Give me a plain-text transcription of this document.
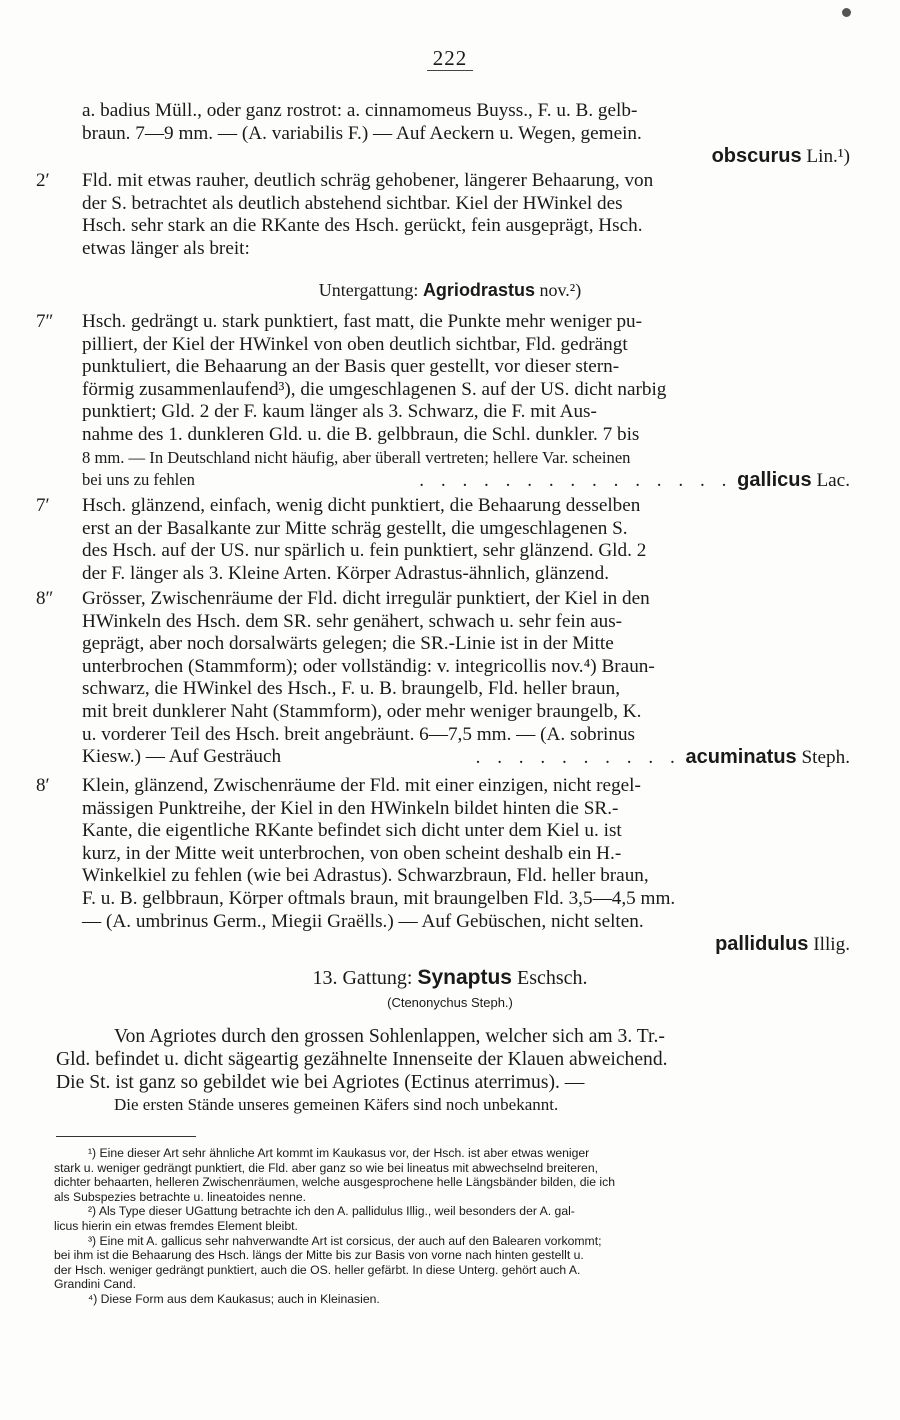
222
a. badius Müll., oder ganz rostrot: a. cinnamomeus Buyss., F. u. B. gelb-
braun. 7—9 mm. — (A. variabilis F.) — Auf Aeckern u. Wegen, gemein.
obscurus Lin.¹)
2′	Fld. mit etwas rauher, deutlich schräg gehobener, längerer Behaarung, von
der S. betrachtet als deutlich abstehend sichtbar. Kiel der HWinkel des
Hsch. sehr stark an die RKante des Hsch. gerückt, fein ausgeprägt, Hsch.
etwas länger als breit:
Untergattung: Agriodrastus nov.²)
7″	Hsch. gedrängt u. stark punktiert, fast matt, die Punkte mehr weniger pu-
pilliert, der Kiel der HWinkel von oben deutlich sichtbar, Fld. gedrängt
punktuliert, die Behaarung an der Basis quer gestellt, vor dieser stern-
förmig zusammenlaufend³), die umgeschlagenen S. auf der US. dicht narbig
punktiert; Gld. 2 der F. kaum länger als 3. Schwarz, die F. mit Aus-
nahme des 1. dunkleren Gld. u. die B. gelbbraun, die Schl. dunkler. 7 bis
8 mm. — In Deutschland nicht häufig, aber überall vertreten; hellere Var. scheinen
bei uns zu fehlen	. . . . . . . . . . . . . . . gallicus Lac.
7′	Hsch. glänzend, einfach, wenig dicht punktiert, die Behaarung desselben
erst an der Basalkante zur Mitte schräg gestellt, die umgeschlagenen S.
des Hsch. auf der US. nur spärlich u. fein punktiert, sehr glänzend. Gld. 2
der F. länger als 3. Kleine Arten. Körper Adrastus-ähnlich, glänzend.
8″	Grösser, Zwischenräume der Fld. dicht irregulär punktiert, der Kiel in den
HWinkeln des Hsch. dem SR. sehr genähert, schwach u. sehr fein aus-
geprägt, aber noch dorsalwärts gelegen; die SR.-Linie ist in der Mitte
unterbrochen (Stammform); oder vollständig: v. integricollis nov.⁴) Braun-
schwarz, die HWinkel des Hsch., F. u. B. braungelb, Fld. heller braun,
mit breit dunklerer Naht (Stammform), oder mehr weniger braungelb, K.
u. vorderer Teil des Hsch. breit angebräunt. 6—7,5 mm. — (A. sobrinus
Kiesw.) — Auf Gesträuch	. . . . . . . . . . acuminatus Steph.
8′	Klein, glänzend, Zwischenräume der Fld. mit einer einzigen, nicht regel-
mässigen Punktreihe, der Kiel in den HWinkeln bildet hinten die SR.-
Kante, die eigentliche RKante befindet sich dicht unter dem Kiel u. ist
kurz, in der Mitte weit unterbrochen, von oben scheint deshalb ein H.-
Winkelkiel zu fehlen (wie bei Adrastus). Schwarzbraun, Fld. heller braun,
F. u. B. gelbbraun, Körper oftmals braun, mit braungelben Fld. 3,5—4,5 mm.
— (A. umbrinus Germ., Miegii Graëlls.) — Auf Gebüschen, nicht selten.
pallidulus Illig.
13. Gattung: Synaptus Eschsch.
(Ctenonychus Steph.)
Von Agriotes durch den grossen Sohlenlappen, welcher sich am 3. Tr.-
Gld. befindet u. dicht sägeartig gezähnelte Innenseite der Klauen abweichend.
Die St. ist ganz so gebildet wie bei Agriotes (Ectinus aterrimus). —
Die ersten Stände unseres gemeinen Käfers sind noch unbekannt.
¹) Eine dieser Art sehr ähnliche Art kommt im Kaukasus vor, der Hsch. ist aber etwas weniger
stark u. weniger gedrängt punktiert, die Fld. aber ganz so wie bei lineatus mit abwechselnd breiteren,
dichter behaarten, helleren Zwischenräumen, welche ausgesprochene helle Längsbänder bilden, die ich
als Subspezies betrachte u. lineatoides nenne.
²) Als Type dieser UGattung betrachte ich den A. pallidulus Illig., weil besonders der A. gal-
licus hierin ein etwas fremdes Element bleibt.
³) Eine mit A. gallicus sehr nahverwandte Art ist corsicus, der auch auf den Balearen vorkommt;
bei ihm ist die Behaarung des Hsch. längs der Mitte bis zur Basis von vorne nach hinten gestellt u.
der Hsch. weniger gedrängt punktiert, auch die OS. heller gefärbt. In diese Unterg. gehört auch A.
Grandini Cand.
⁴) Diese Form aus dem Kaukasus; auch in Kleinasien.
